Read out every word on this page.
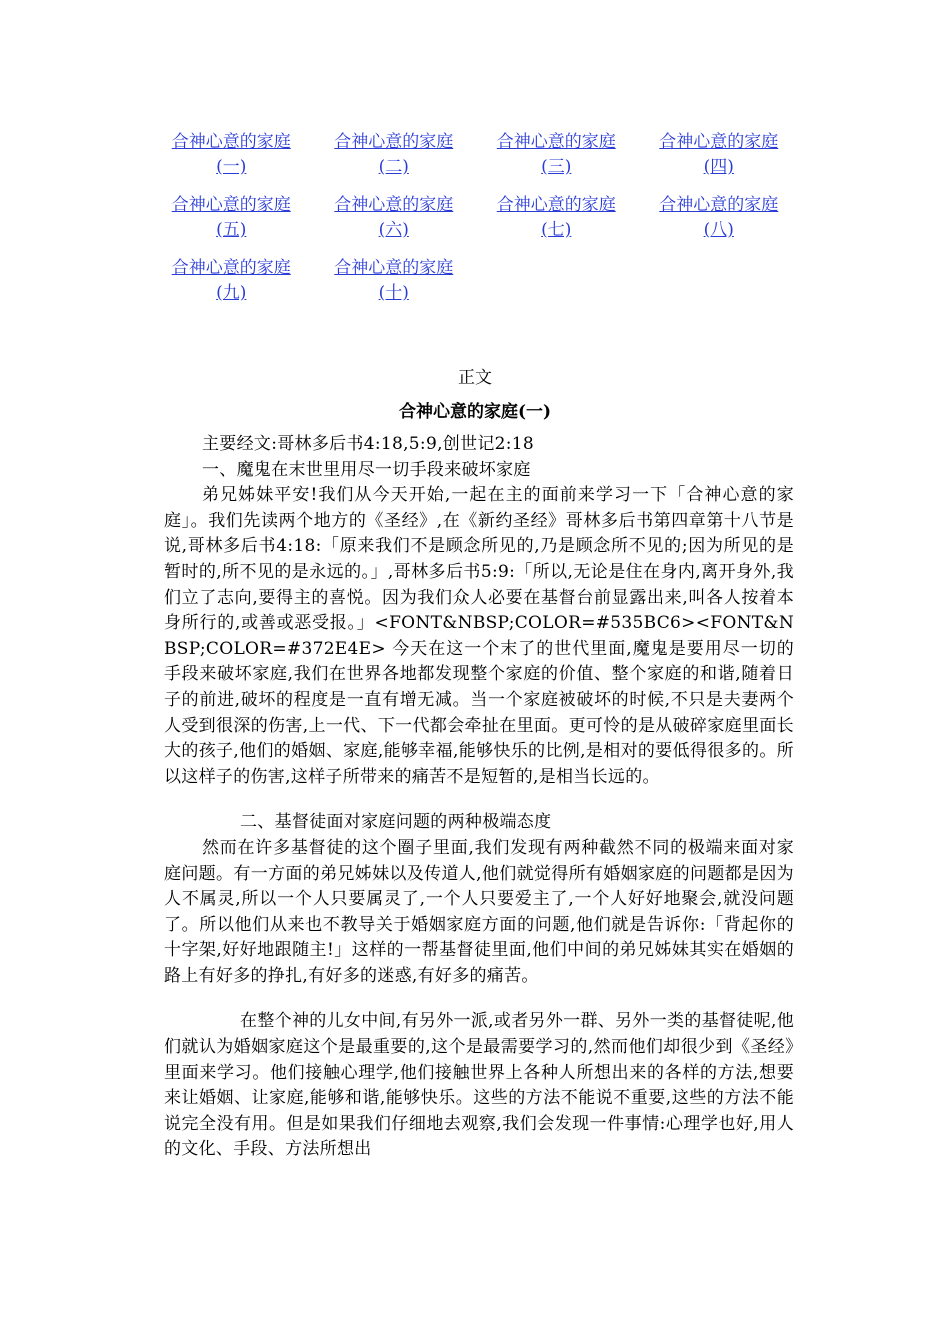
合神心意的家庭
(一)
合神心意的家庭
(二)
合神心意的家庭
(三)
合神心意的家庭
(四)
合神心意的家庭
(五)
合神心意的家庭
(六)
合神心意的家庭
(七)
合神心意的家庭
(八)
合神心意的家庭
(九)
合神心意的家庭
(十)
正文
合神心意的家庭(一)

主要经文:哥林多后书4:18,5:9,创世记2:18

一、魔鬼在末世里用尽一切手段来破坏家庭

弟兄姊妹平安!我们从今天开始,一起在主的面前来学习一下「合神心意的家庭」。我们先读两个地方的《圣经》,在《新约圣经》哥林多后书第四章第十八节是说,哥林多后书4:18:「原来我们不是顾念所见的,乃是顾念所不见的;因为所见的是暂时的,所不见的是永远的。」,哥林多后书5:9:「所以,无论是住在身内,离开身外,我们立了志向,要得主的喜悦。因为我们众人必要在基督台前显露出来,叫各人按着本身所行的,或善或恶受报。」<FONT&NBSP;COLOR=#535BC6><FONT&NBSP;COLOR=#372E4E> 今天在这一个末了的世代里面,魔鬼是要用尽一切的手段来破坏家庭,我们在世界各地都发现整个家庭的价值、整个家庭的和谐,随着日子的前进,破坏的程度是一直有增无减。当一个家庭被破坏的时候,不只是夫妻两个人受到很深的伤害,上一代、下一代都会牵扯在里面。更可怜的是从破碎家庭里面长大的孩子,他们的婚姻、家庭,能够幸福,能够快乐的比例,是相对的要低得很多的。所以这样子的伤害,这样子所带来的痛苦不是短暂的,是相当长远的。

二、基督徒面对家庭问题的两种极端态度

然而在许多基督徒的这个圈子里面,我们发现有两种截然不同的极端来面对家庭问题。有一方面的弟兄姊妹以及传道人,他们就觉得所有婚姻家庭的问题都是因为人不属灵,所以一个人只要属灵了,一个人只要爱主了,一个人好好地聚会,就没问题了。所以他们从来也不教导关于婚姻家庭方面的问题,他们就是告诉你:「背起你的十字架,好好地跟随主!」这样的一帮基督徒里面,他们中间的弟兄姊妹其实在婚姻的路上有好多的挣扎,有好多的迷惑,有好多的痛苦。

在整个神的儿女中间,有另外一派,或者另外一群、另外一类的基督徒呢,他们就认为婚姻家庭这个是最重要的,这个是最需要学习的,然而他们却很少到《圣经》里面来学习。他们接触心理学,他们接触世界上各种人所想出来的各样的方法,想要来让婚姻、让家庭,能够和谐,能够快乐。这些的方法不能说不重要,这些的方法不能说完全没有用。但是如果我们仔细地去观察,我们会发现一件事情:心理学也好,用人的文化、手段、方法所想出
